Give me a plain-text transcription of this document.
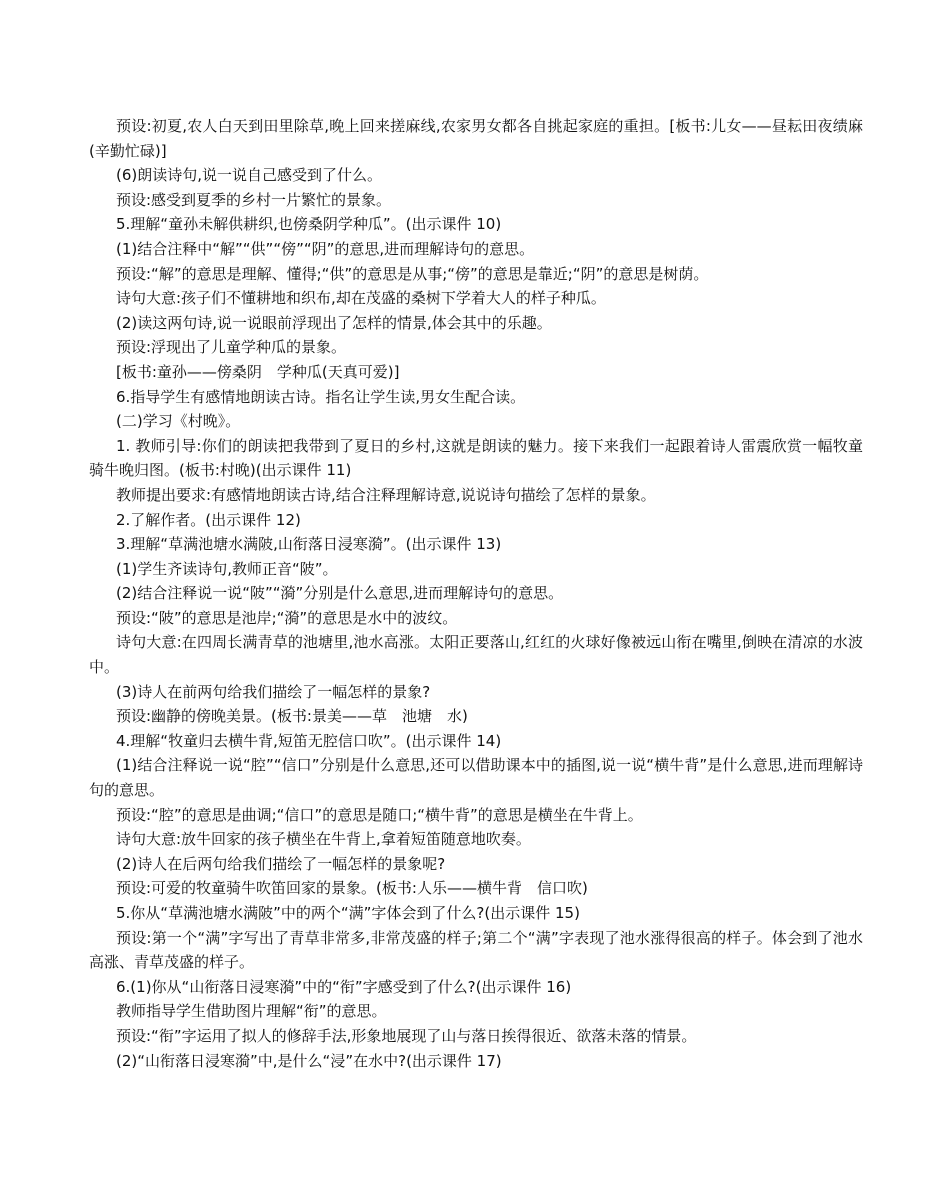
预设:初夏,农人白天到田里除草,晚上回来搓麻线,农家男女都各自挑起家庭的重担。[板书:儿女——昼耘田夜绩麻(辛勤忙碌)]

(6)朗读诗句,说一说自己感受到了什么。

预设:感受到夏季的乡村一片繁忙的景象。

5.理解“童孙未解供耕织,也傍桑阴学种瓜”。(出示课件 10)

(1)结合注释中“解”“供”“傍”“阴”的意思,进而理解诗句的意思。

预设:“解”的意思是理解、懂得;“供”的意思是从事;“傍”的意思是靠近;“阴”的意思是树荫。

诗句大意:孩子们不懂耕地和织布,却在茂盛的桑树下学着大人的样子种瓜。

(2)读这两句诗,说一说眼前浮现出了怎样的情景,体会其中的乐趣。

预设:浮现出了儿童学种瓜的景象。

[板书:童孙——傍桑阴　学种瓜(天真可爱)]

6.指导学生有感情地朗读古诗。指名让学生读,男女生配合读。

(二)学习《村晚》。

1. 教师引导:你们的朗读把我带到了夏日的乡村,这就是朗读的魅力。接下来我们一起跟着诗人雷震欣赏一幅牧童骑牛晚归图。(板书:村晚)(出示课件 11)

教师提出要求:有感情地朗读古诗,结合注释理解诗意,说说诗句描绘了怎样的景象。

2.了解作者。(出示课件 12)

3.理解“草满池塘水满陂,山衔落日浸寒漪”。(出示课件 13)

(1)学生齐读诗句,教师正音“陂”。

(2)结合注释说一说“陂”“漪”分别是什么意思,进而理解诗句的意思。

预设:“陂”的意思是池岸;“漪”的意思是水中的波纹。

诗句大意:在四周长满青草的池塘里,池水高涨。太阳正要落山,红红的火球好像被远山衔在嘴里,倒映在清凉的水波中。

(3)诗人在前两句给我们描绘了一幅怎样的景象?

预设:幽静的傍晚美景。(板书:景美——草　池塘　水)

4.理解“牧童归去横牛背,短笛无腔信口吹”。(出示课件 14)

(1)结合注释说一说“腔”“信口”分别是什么意思,还可以借助课本中的插图,说一说“横牛背”是什么意思,进而理解诗句的意思。

预设:“腔”的意思是曲调;“信口”的意思是随口;“横牛背”的意思是横坐在牛背上。

诗句大意:放牛回家的孩子横坐在牛背上,拿着短笛随意地吹奏。

(2)诗人在后两句给我们描绘了一幅怎样的景象呢?

预设:可爱的牧童骑牛吹笛回家的景象。(板书:人乐——横牛背　信口吹)

5.你从“草满池塘水满陂”中的两个“满”字体会到了什么?(出示课件 15)

预设:第一个“满”字写出了青草非常多,非常茂盛的样子;第二个“满”字表现了池水涨得很高的样子。体会到了池水高涨、青草茂盛的样子。

6.(1)你从“山衔落日浸寒漪”中的“衔”字感受到了什么?(出示课件 16)

教师指导学生借助图片理解“衔”的意思。

预设:“衔”字运用了拟人的修辞手法,形象地展现了山与落日挨得很近、欲落未落的情景。

(2)“山衔落日浸寒漪”中,是什么“浸”在水中?(出示课件 17)
